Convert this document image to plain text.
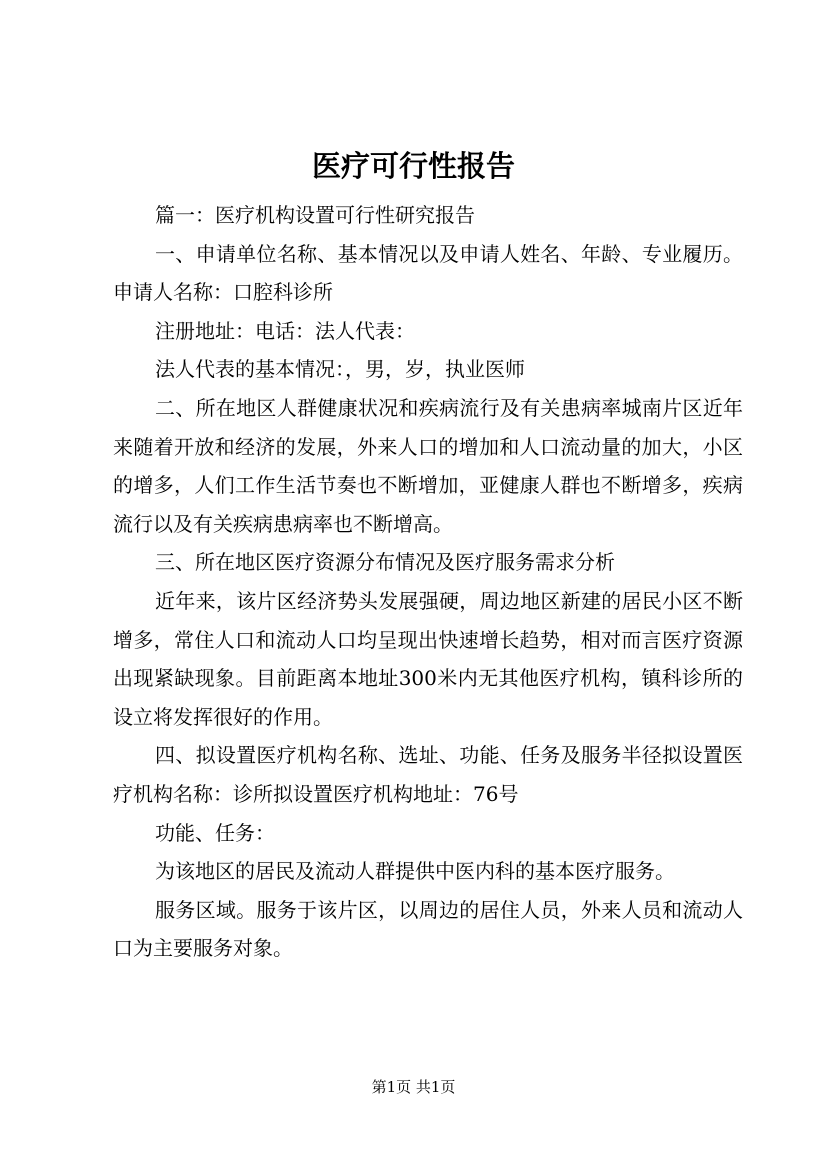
医疗可行性报告

篇一：医疗机构设置可行性研究报告

一、申请单位名称、基本情况以及申请人姓名、年龄、专业履历。申请人名称：口腔科诊所

注册地址：电话：法人代表：

法人代表的基本情况：，男，岁，执业医师

二、所在地区人群健康状况和疾病流行及有关患病率城南片区近年来随着开放和经济的发展，外来人口的增加和人口流动量的加大，小区的增多，人们工作生活节奏也不断增加，亚健康人群也不断增多，疾病流行以及有关疾病患病率也不断增高。

三、所在地区医疗资源分布情况及医疗服务需求分析

近年来，该片区经济势头发展强硬，周边地区新建的居民小区不断增多，常住人口和流动人口均呈现出快速增长趋势，相对而言医疗资源出现紧缺现象。目前距离本地址300米内无其他医疗机构，镇科诊所的设立将发挥很好的作用。

四、拟设置医疗机构名称、选址、功能、任务及服务半径拟设置医疗机构名称：诊所拟设置医疗机构地址：76号

功能、任务：

为该地区的居民及流动人群提供中医内科的基本医疗服务。

服务区域。服务于该片区，以周边的居住人员，外来人员和流动人口为主要服务对象。

第1页 共1页
